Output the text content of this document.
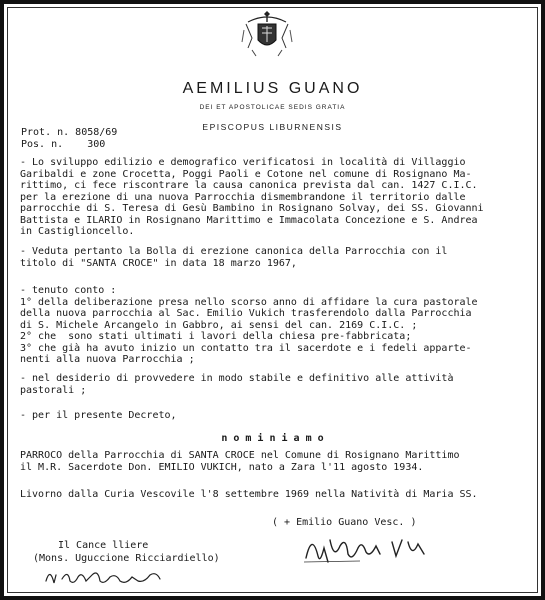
AEMILIUS GUANO
DEI ET APOSTOLICAE SEDIS GRATIA
EPISCOPUS LIBURNENSIS
Prot. n. 8058/69
Pos. n.    300

- Lo sviluppo edilizio e demografico verificatosi in località di Villaggio

Garibaldi e zone Crocetta, Poggi Paoli e Cotone nel comune di Rosignano Ma-

rittimo, ci fece riscontrare la causa canonica prevista dal can. 1427 C.I.C.

per la erezione di una nuova Parrocchia dismembrandone il territorio dalle

parrocchie di S. Teresa di Gesù Bambino in Rosignano Solvay, dei SS. Giovanni

Battista e ILARIO in Rosignano Marittimo e Immacolata Concezione e S. Andrea

in Castiglioncello.

- Veduta pertanto la Bolla di erezione canonica della Parrocchia con il

titolo di "SANTA CROCE" in data 18 marzo 1967,

- tenuto conto :

1° della deliberazione presa nello scorso anno di affidare la cura pastorale

della nuova parrocchia al Sac. Emilio Vukich trasferendolo dalla Parrocchia

di S. Michele Arcangelo in Gabbro, ai sensi del can. 2169 C.I.C. ;

2° che  sono stati ultimati i lavori della chiesa pre-fabbricata;

3° che già ha avuto inizio un contatto tra il sacerdote e i fedeli apparte-

nenti alla nuova Parrocchia ;

- nel desiderio di provvedere in modo stabile e definitivo alle attività

pastorali ;

- per il presente Decreto,

n o m i n i a m o

PARROCO della Parrocchia di SANTA CROCE nel Comune di Rosignano Marittimo

il M.R. Sacerdote Don. EMILIO VUKICH, nato a Zara l'11 agosto 1934.

Livorno dalla Curia Vescovile l'8 settembre 1969 nella Natività di Maria SS.
( + Emilio Guano Vesc. )
Il Cance lliere
(Mons. Uguccione Ricciardiello)
